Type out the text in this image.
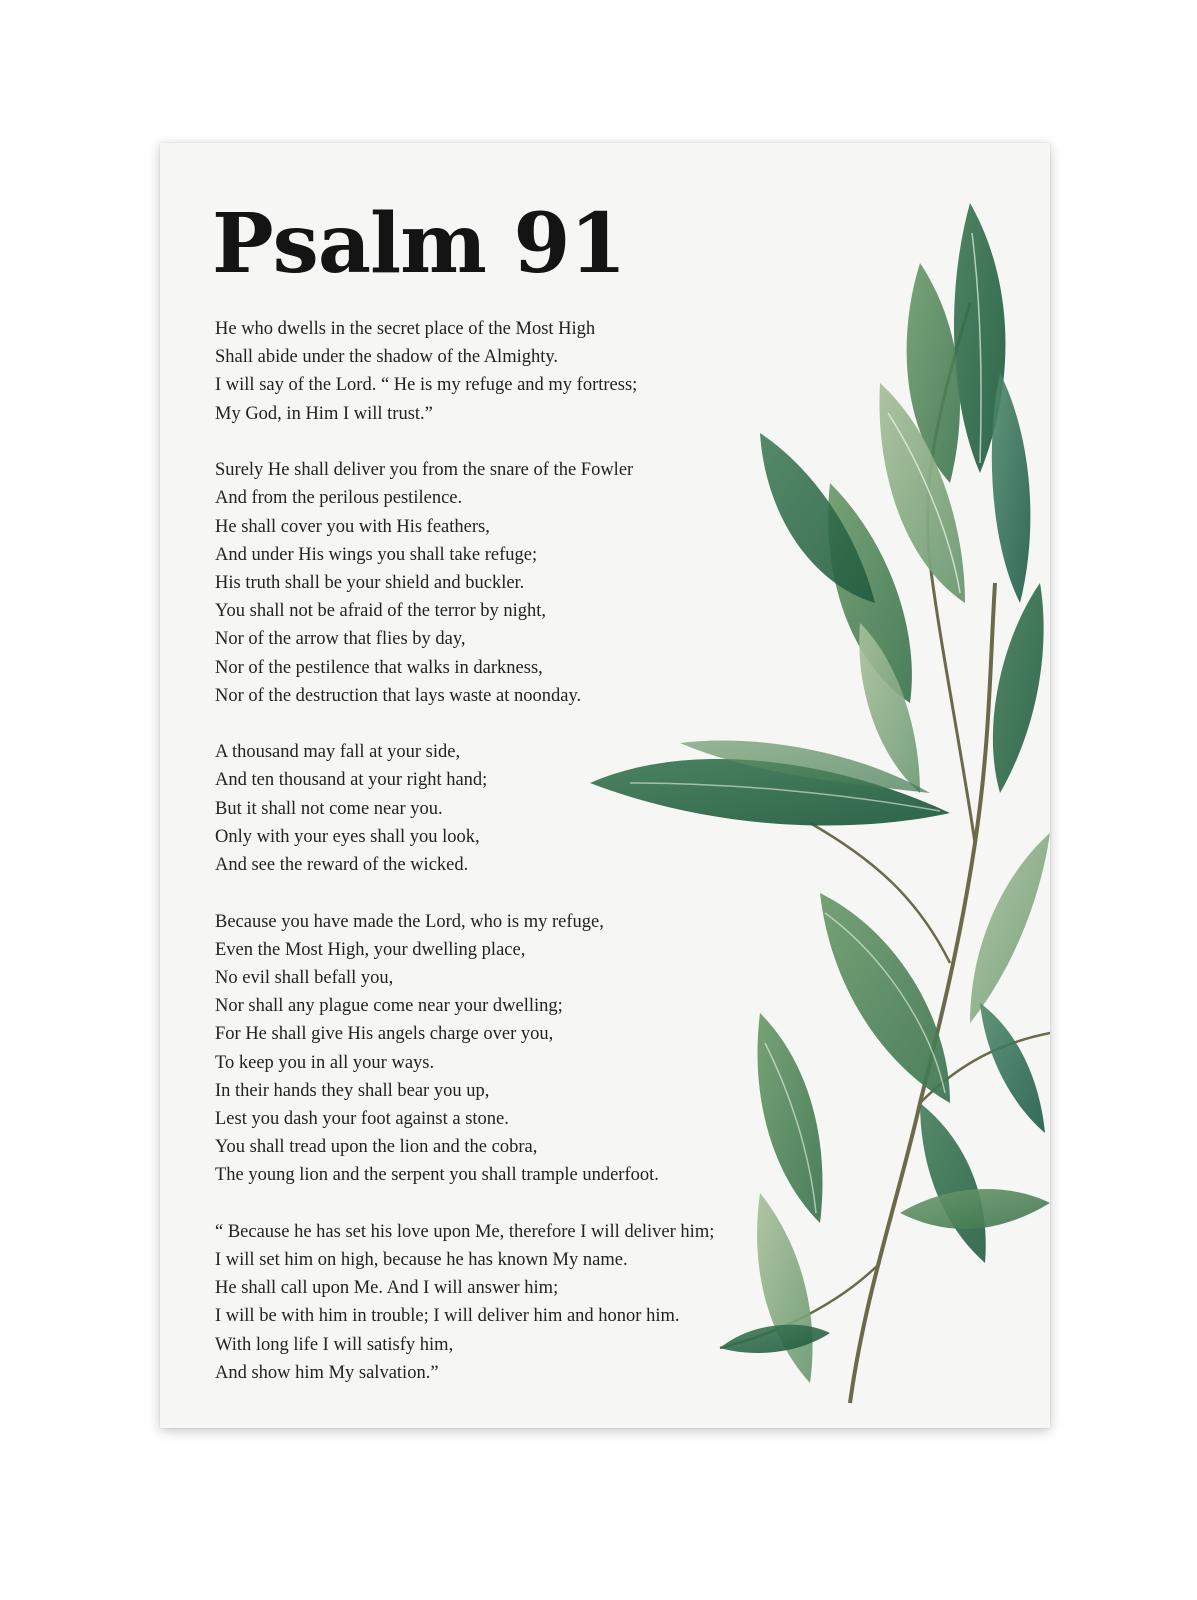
Psalm 91

He who dwells in the secret place of the Most High
Shall abide under the shadow of the Almighty.
I will say of the Lord. “ He is my refuge and my fortress;
My God, in Him I will trust.”

Surely He shall deliver you from the snare of the Fowler
And from the perilous pestilence.
He shall cover you with His feathers,
And under His wings you shall take refuge;
His truth shall be your shield and buckler.
You shall not be afraid of the terror by night,
Nor of the arrow that flies by day,
Nor of the pestilence that walks in darkness,
Nor of the destruction that lays waste at noonday.

A thousand may fall at your side,
And ten thousand at your right hand;
But it shall not come near you.
Only with your eyes shall you look,
And see the reward of the wicked.

Because you have made the Lord, who is my refuge,
Even the Most High, your dwelling place,
No evil shall befall you,
Nor shall any plague come near your dwelling;
For He shall give His angels charge over you,
To keep you in all your ways.
In their hands they shall bear you up,
Lest you dash your foot against a stone.
You shall tread upon the lion and the cobra,
The young lion and the serpent you shall trample underfoot.

“ Because he has set his love upon Me, therefore I will deliver him;
I will set him on high, because he has known My name.
He shall call upon Me. And I will answer him;
I will be with him in trouble; I will deliver him and honor him.
With long life I will satisfy him,
And show him My salvation.”
